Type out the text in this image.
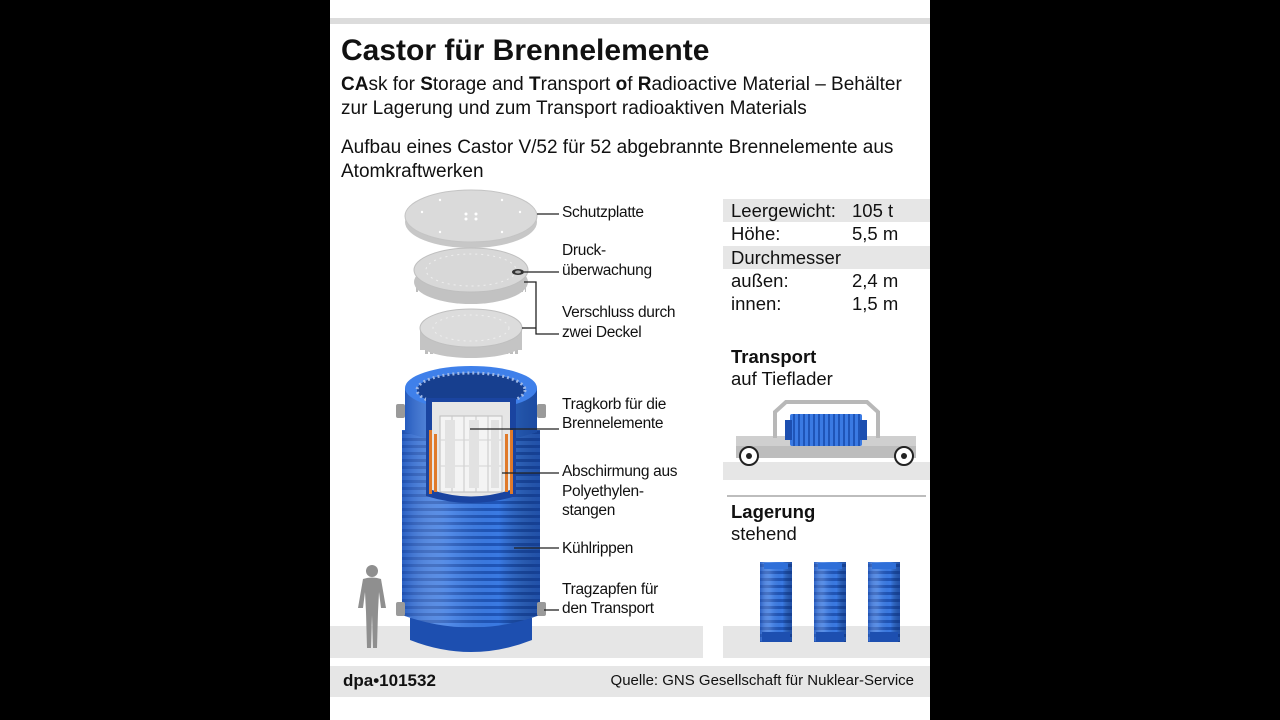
Castor für Brennelemente
CAsk for Storage and Transport of Radioactive Material – Behälter zur Lagerung und zum Transport radioaktiven Materials
Aufbau eines Castor V/52 für 52 abgebrannte Brennelemente aus Atomkraftwerken
Schutzplatte
Druck-
überwachung
Verschluss durch
zwei Deckel
Tragkorb für die
Brennelemente
Abschirmung aus
Polyethylen-
stangen
Kühlrippen
Tragzapfen für
den Transport
Leergewicht: 105 t
Höhe:	5,5 m
Durchmesser
außen:	2,4 m
innen:	1,5 m
Transport
auf Tieflader
Lagerung
stehend
dpa•101532	Quelle: GNS Gesellschaft für Nuklear-Service
